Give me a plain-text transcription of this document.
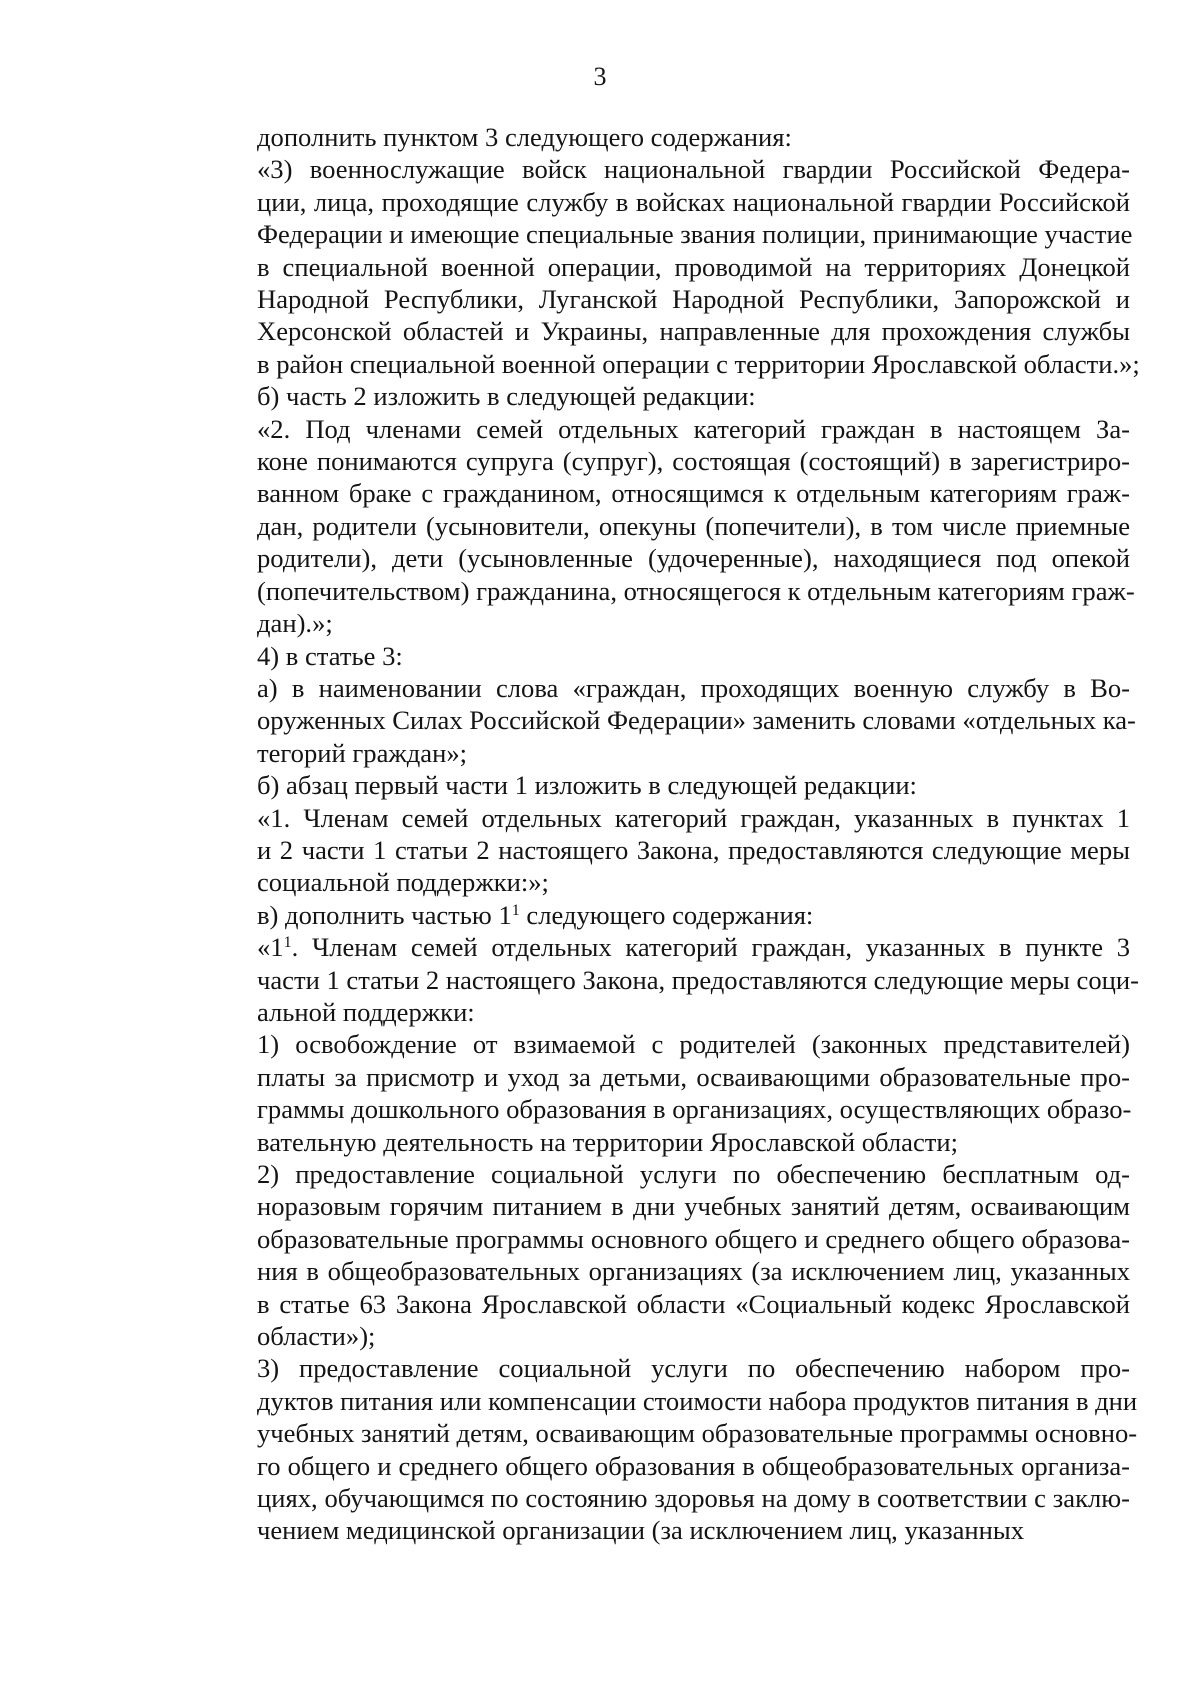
3

дополнить пунктом 3 следующего содержания:

«3) военнослужащие войск национальной гвардии Российской Федера-
ции, лица, проходящие службу в войсках национальной гвардии Российской
Федерации и имеющие специальные звания полиции, принимающие участие
в специальной военной операции, проводимой на территориях Донецкой
Народной Республики, Луганской Народной Республики, Запорожской и
Херсонской областей и Украины, направленные для прохождения службы
в район специальной военной операции с территории Ярославской области.»;

б) часть 2 изложить в следующей редакции:

«2. Под членами семей отдельных категорий граждан в настоящем За-
коне понимаются супруга (супруг), состоящая (состоящий) в зарегистриро-
ванном браке с гражданином, относящимся к отдельным категориям граж-
дан, родители (усыновители, опекуны (попечители), в том числе приемные
родители), дети (усыновленные (удочеренные), находящиеся под опекой
(попечительством) гражданина, относящегося к отдельным категориям граж-
дан).»;

4) в статье 3:

а) в наименовании слова «граждан, проходящих военную службу в Во-
оруженных Силах Российской Федерации» заменить словами «отдельных ка-
тегорий граждан»;

б) абзац первый части 1 изложить в следующей редакции:

«1. Членам семей отдельных категорий граждан, указанных в пунктах 1
и 2 части 1 статьи 2 настоящего Закона, предоставляются следующие меры
социальной поддержки:»;

в) дополнить частью $1^1$ следующего содержания:

«$1^1$. Членам семей отдельных категорий граждан, указанных в пункте 3
части 1 статьи 2 настоящего Закона, предоставляются следующие меры соци-
альной поддержки:

1) освобождение от взимаемой с родителей (законных представителей)
платы за присмотр и уход за детьми, осваивающими образовательные про-
граммы дошкольного образования в организациях, осуществляющих образо-
вательную деятельность на территории Ярославской области;

2) предоставление социальной услуги по обеспечению бесплатным од-
норазовым горячим питанием в дни учебных занятий детям, осваивающим
образовательные программы основного общего и среднего общего образова-
ния в общеобразовательных организациях (за исключением лиц, указанных
в статье 63 Закона Ярославской области «Социальный кодекс Ярославской
области»);

3) предоставление социальной услуги по обеспечению набором про-
дуктов питания или компенсации стоимости набора продуктов питания в дни
учебных занятий детям, осваивающим образовательные программы основно-
го общего и среднего общего образования в общеобразовательных организа-
циях, обучающимся по состоянию здоровья на дому в соответствии с заклю-
чением медицинской организации (за исключением лиц, указанных
